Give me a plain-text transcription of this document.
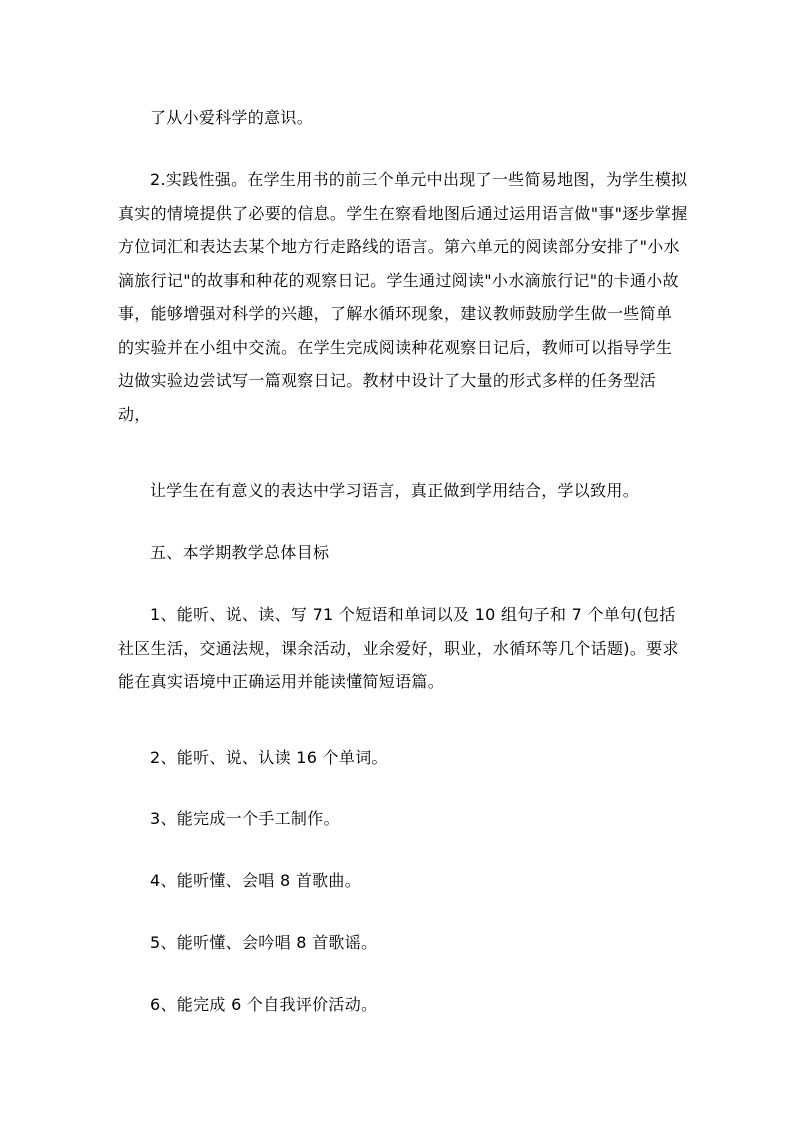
了从小爱科学的意识。

2.实践性强。在学生用书的前三个单元中出现了一些简易地图，为学生模拟真实的情境提供了必要的信息。学生在察看地图后通过运用语言做"事"逐步掌握方位词汇和表达去某个地方行走路线的语言。第六单元的阅读部分安排了"小水滴旅行记"的故事和种花的观察日记。学生通过阅读"小水滴旅行记"的卡通小故事，能够增强对科学的兴趣，了解水循环现象，建议教师鼓励学生做一些简单的实验并在小组中交流。在学生完成阅读种花观察日记后，教师可以指导学生边做实验边尝试写一篇观察日记。教材中设计了大量的形式多样的任务型活动，

让学生在有意义的表达中学习语言，真正做到学用结合，学以致用。

五、本学期教学总体目标

1、能听、说、读、写 71 个短语和单词以及 10 组句子和 7 个单句(包括社区生活，交通法规，课余活动，业余爱好，职业，水循环等几个话题)。要求能在真实语境中正确运用并能读懂简短语篇。

2、能听、说、认读 16 个单词。

3、能完成一个手工制作。

4、能听懂、会唱 8 首歌曲。

5、能听懂、会吟唱 8 首歌谣。

6、能完成 6 个自我评价活动。
